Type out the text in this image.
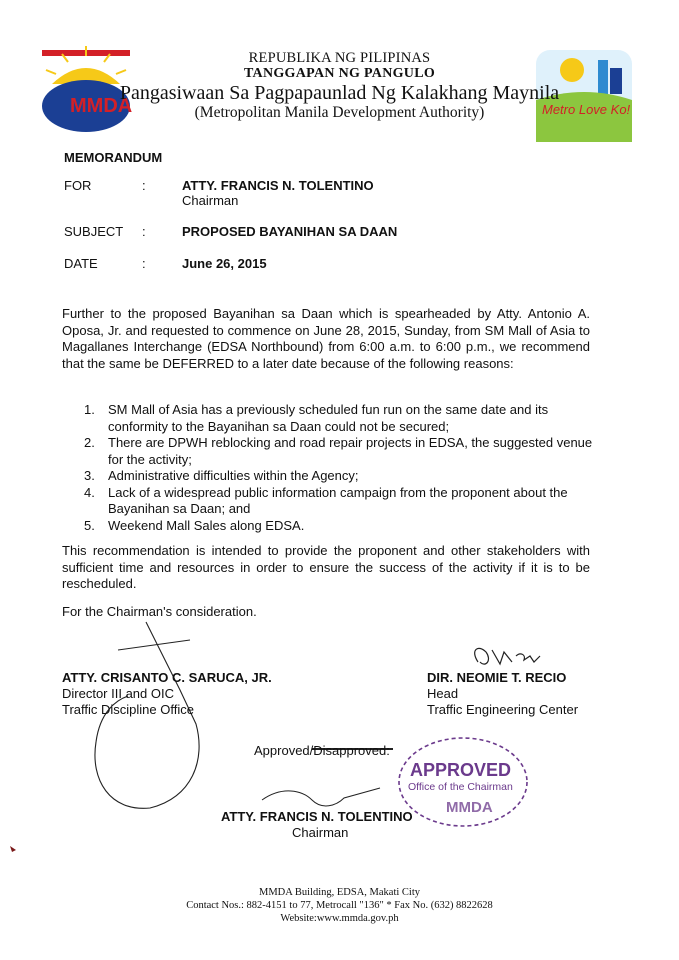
MMDA	Metro Love Ko!
REPUBLIKA NG PILIPINAS
TANGGAPAN NG PANGULO
Pangasiwaan Sa Pagpapaunlad Ng Kalakhang Maynila
(Metropolitan Manila Development Authority)
MEMORANDUM
FOR	:	ATTY. FRANCIS N. TOLENTINO
Chairman
SUBJECT :	PROPOSED BAYANIHAN SA DAAN
DATE	:	June 26, 2015
Further to the proposed Bayanihan sa Daan which is spearheaded by Atty. Antonio A. Oposa, Jr. and requested to commence on June 28, 2015, Sunday, from SM Mall of Asia to Magallanes Interchange (EDSA Northbound) from 6:00 a.m. to 6:00 p.m., we recommend that the same be DEFERRED to a later date because of the following reasons:
1. SM Mall of Asia has a previously scheduled fun run on the same date and its conformity to the Bayanihan sa Daan could not be secured;
2. There are DPWH reblocking and road repair projects in EDSA, the suggested venue for the activity;
3. Administrative difficulties within the Agency;
4. Lack of a widespread public information campaign from the proponent about the Bayanihan sa Daan; and
5. Weekend Mall Sales along EDSA.
This recommendation is intended to provide the proponent and other stakeholders with sufficient time and resources in order to ensure the success of the activity if it is to be rescheduled.
For the Chairman's consideration.
ATTY. CRISANTO C. SARUCA, JR.
Director III and OIC
Traffic Discipline Office
DIR. NEOMIE T. RECIO
Head
Traffic Engineering Center
Approved/Disapproved:
APPROVED
Office of the Chairman
MMDA
ATTY. FRANCIS N. TOLENTINO
Chairman
MMDA Building, EDSA, Makati City
Contact Nos.: 882-4151 to 77, Metrocall "136" * Fax No. (632) 8822628
Website:www.mmda.gov.ph
